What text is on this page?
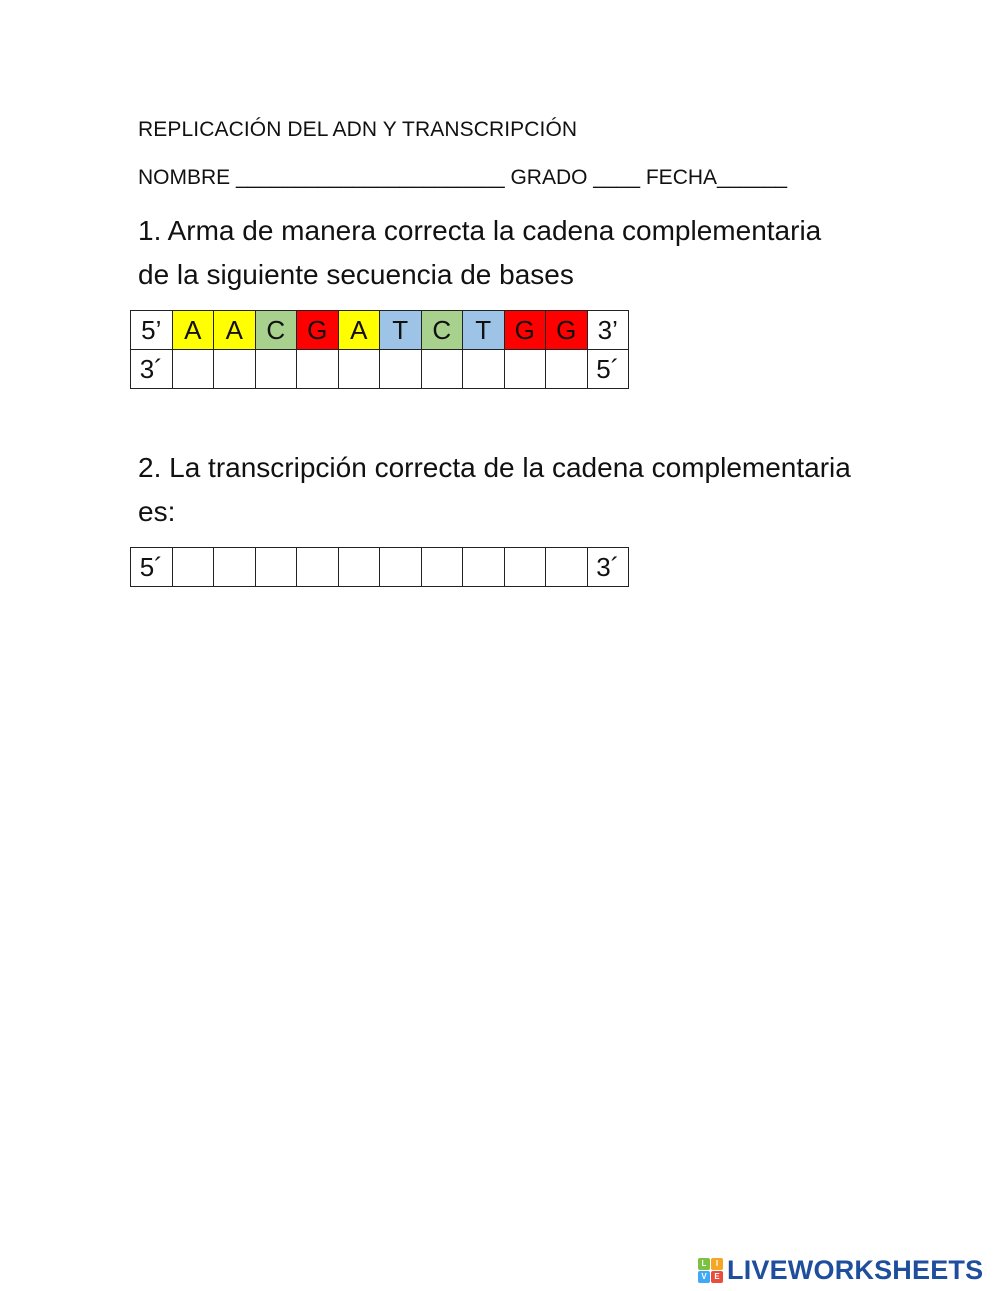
REPLICACIÓN DEL ADN Y TRANSCRIPCIÓN
NOMBRE _______________________ GRADO ____ FECHA______
1. Arma de manera correcta la cadena complementaria de la siguiente secuencia de bases
5’	A	A	C	G	A	T	C	T	G	G	3’
3´											5´
2. La transcripción correcta de la cadena complementaria es:
5´											3´
L	I
V E LIVEWORKSHEETS
